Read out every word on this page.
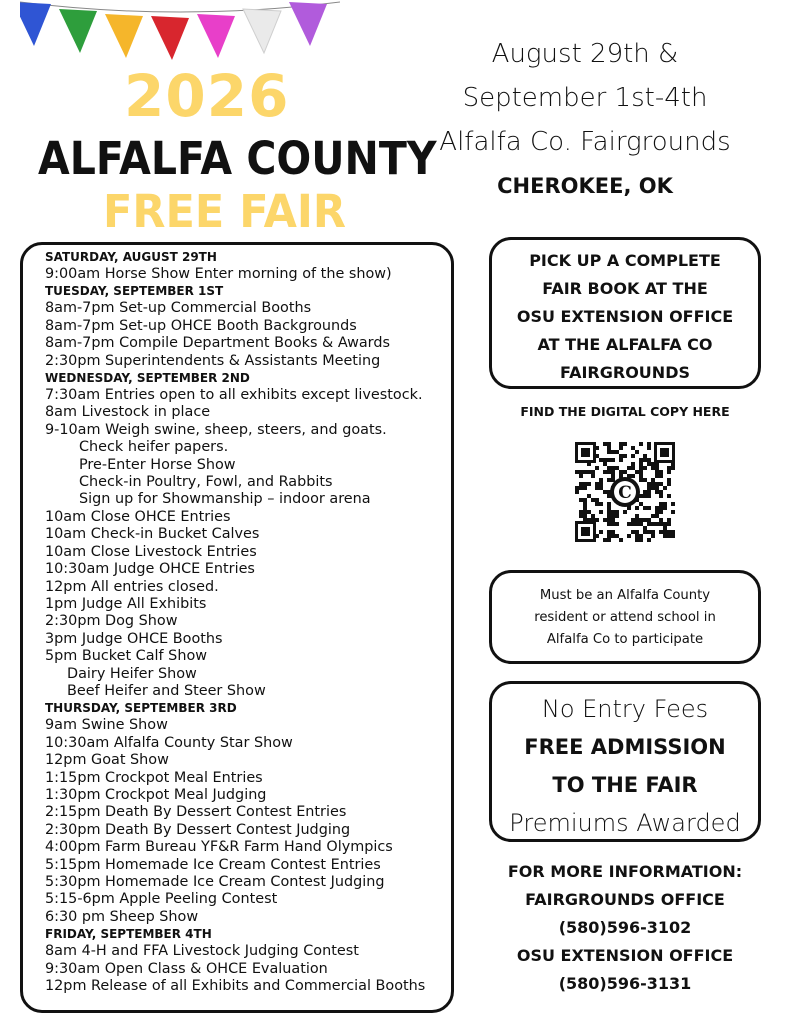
2026
ALFALFA COUNTY
FREE FAIR
August 29th &
September 1st-4th
Alfalfa Co. Fairgrounds
CHEROKEE, OK
SATURDAY, AUGUST 29TH
9:00am Horse Show Enter morning of the show)
TUESDAY, SEPTEMBER 1ST
8am-7pm Set-up Commercial Booths
8am-7pm Set-up OHCE Booth Backgrounds
8am-7pm Compile Department Books & Awards
2:30pm Superintendents & Assistants Meeting
WEDNESDAY, SEPTEMBER 2ND
7:30am Entries open to all exhibits except livestock.
8am Livestock in place
9-10am Weigh swine, sheep, steers, and goats.
Check heifer papers.
Pre-Enter Horse Show
Check-in Poultry, Fowl, and Rabbits
Sign up for Showmanship – indoor arena
10am Close OHCE Entries
10am Check-in Bucket Calves
10am Close Livestock Entries
10:30am Judge OHCE Entries
12pm All entries closed.
1pm Judge All Exhibits
2:30pm Dog Show
3pm Judge OHCE Booths
5pm Bucket Calf Show
Dairy Heifer Show
Beef Heifer and Steer Show
THURSDAY, SEPTEMBER 3RD
9am Swine Show
10:30am Alfalfa County Star Show
12pm Goat Show
1:15pm Crockpot Meal Entries
1:30pm Crockpot Meal Judging
2:15pm Death By Dessert Contest Entries
2:30pm Death By Dessert Contest Judging
4:00pm Farm Bureau YF&R Farm Hand Olympics
5:15pm Homemade Ice Cream Contest Entries
5:30pm Homemade Ice Cream Contest Judging
5:15-6pm Apple Peeling Contest
6:30 pm Sheep Show
FRIDAY, SEPTEMBER 4TH
8am 4-H and FFA Livestock Judging Contest
9:30am Open Class & OHCE Evaluation
12pm Release of all Exhibits and Commercial Booths
PICK UP A COMPLETE
FAIR BOOK AT THE
OSU EXTENSION OFFICE
AT THE ALFALFA CO
FAIRGROUNDS
FIND THE DIGITAL COPY HERE
C
Must be an Alfalfa County
resident or attend school in
Alfalfa Co to participate
No Entry Fees
FREE ADMISSION
TO THE FAIR
Premiums Awarded
FOR MORE INFORMATION:
FAIRGROUNDS OFFICE
(580)596-3102
OSU EXTENSION OFFICE
(580)596-3131
